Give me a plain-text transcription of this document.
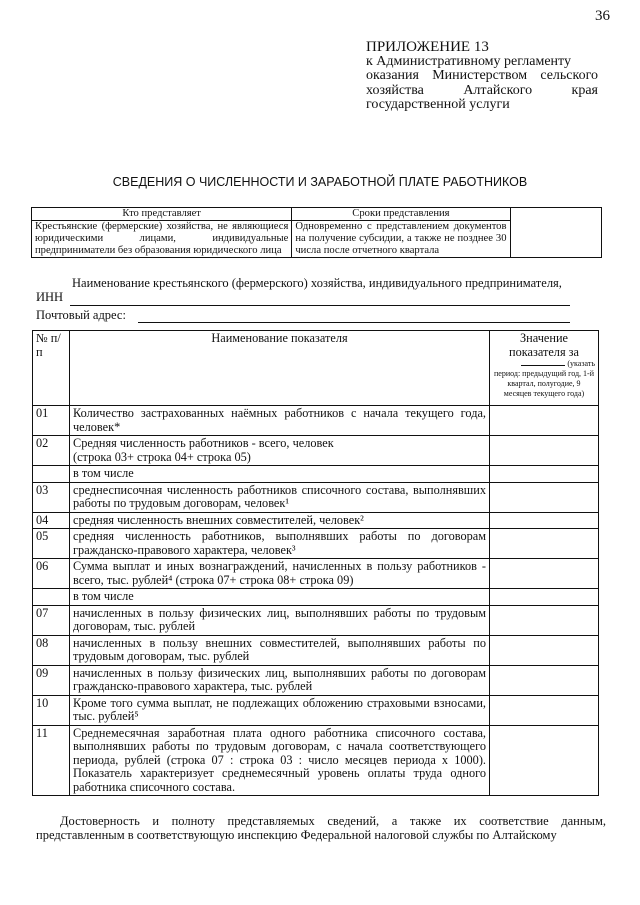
36
ПРИЛОЖЕНИЕ 13
к Административному регламенту
оказания Министерством сельского
хозяйства Алтайского края
государственной услуги
СВЕДЕНИЯ О ЧИСЛЕННОСТИ И ЗАРАБОТНОЙ ПЛАТЕ РАБОТНИКОВ
Кто представляет	Сроки представления	
Крестьянские (фермерские) хозяйства, не являющиеся юридическими лицами, индивидуальные предприниматели без образования юридического лица	Одновременно с представлением документов на получение субсидии, а также не позднее 30 числа после отчетного квартала	
Наименование крестьянского (фермерского) хозяйства, индивидуального предпринимателя,
ИНН
Почтовый адрес:
№ п/п	Наименование показателя	Значение показателя за
(указать
период: предыдущий год, 1-й квартал, полугодие, 9 месяцев текущего года)

01	Количество застрахованных наёмных работников с начала текущего года, человек*	

02	Средняя численность работников - всего, человек
(строка 03+ строка 04+ строка 05)	

	в том числе	

03	среднесписочная численность работников списочного состава, выполнявших работы по трудовым договорам, человек¹	

04	средняя численность внешних совместителей, человек²	

05	средняя численность работников, выполнявших работы по договорам гражданско-правового характера, человек³	

06	Сумма выплат и иных вознаграждений, начисленных в пользу работников - всего, тыс. рублей⁴ (строка 07+ строка 08+ строка 09)	

	в том числе	

07	начисленных в пользу физических лиц, выполнявших работы по трудовым договорам, тыс. рублей	

08	начисленных в пользу внешних совместителей, выполнявших работы по трудовым договорам, тыс. рублей	

09	начисленных в пользу физических лиц, выполнявших работы по договорам гражданско-правового характера, тыс. рублей	

10	Кроме того сумма выплат, не подлежащих обложению страховыми взносами, тыс. рублей⁵	

11	Среднемесячная заработная плата одного работника списочного состава, выполнявших работы по трудовым договорам, с начала соответствующего периода, рублей (строка 07 : строка 03 : число месяцев периода х 1000). Показатель характеризует среднемесячный уровень оплаты труда одного работника списочного состава.	

Достоверность и полноту представляемых сведений, а также их соответствие данным, представленным в соответствующую инспекцию Федеральной налоговой службы по Алтайскому
